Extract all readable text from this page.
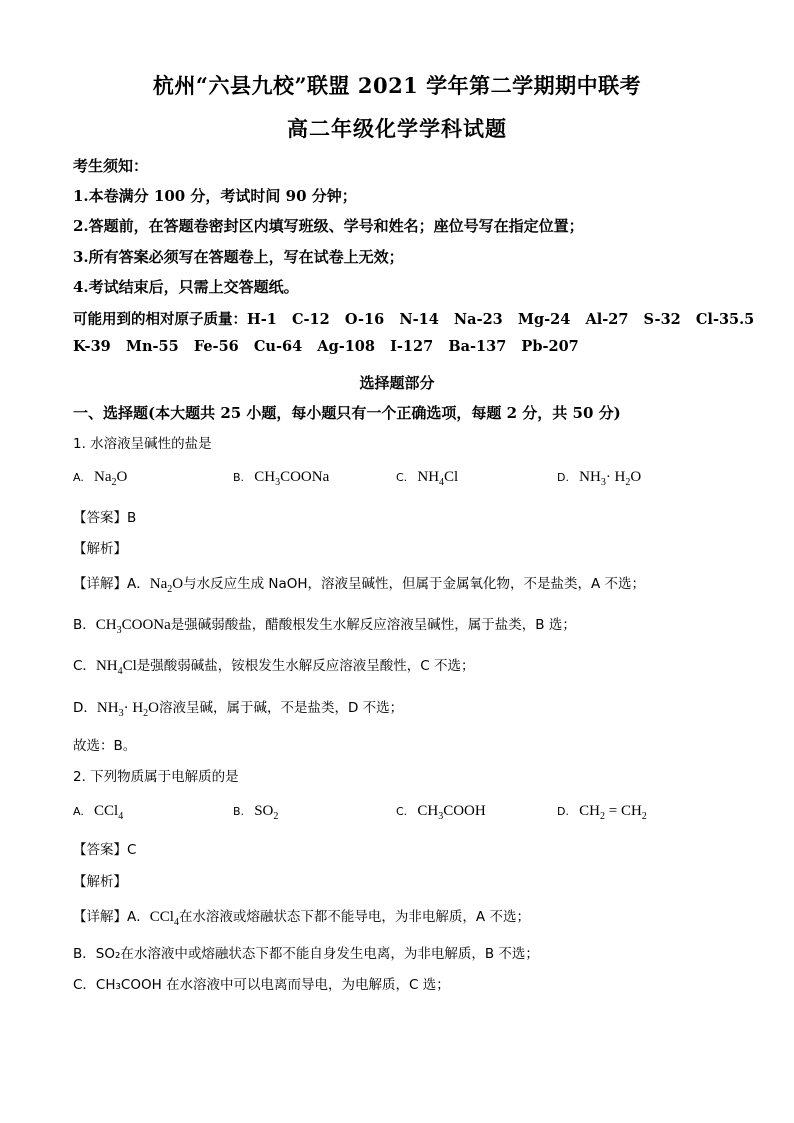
杭州“六县九校”联盟 2021 学年第二学期期中联考
高二年级化学学科试题
考生须知：
1.本卷满分 100 分，考试时间 90 分钟；
2.答题前，在答题卷密封区内填写班级、学号和姓名；座位号写在指定位置；
3.所有答案必须写在答题卷上，写在试卷上无效；
4.考试结束后，只需上交答题纸。
可能用到的相对原子质量：H-1   C-12   O-16   N-14   Na-23   Mg-24   Al-27   S-32   Cl-35.5
K-39   Mn-55   Fe-56   Cu-64   Ag-108   I-127   Ba-137   Pb-207
选择题部分
一、选择题(本大题共 25 小题，每小题只有一个正确选项，每题 2 分，共 50 分)
1. 水溶液呈碱性的盐是
A. $Na_2O$	B. $CH_3COONa$	C. $NH_4Cl$	D. $NH_3\cdot H_2O$
【答案】B
【解析】
【详解】A．$Na_2O$与水反应生成 NaOH，溶液呈碱性，但属于金属氧化物，不是盐类，A 不选；
B．$CH_3COONa$是强碱弱酸盐，醋酸根发生水解反应溶液呈碱性，属于盐类，B 选；
C．$NH_4Cl$是强酸弱碱盐，铵根发生水解反应溶液呈酸性，C 不选；
D．$NH_3\cdot H_2O$溶液呈碱，属于碱，不是盐类，D 不选；
故选：B。
2. 下列物质属于电解质的是
A. CCl$_4$	B. $SO_2$	C. $CH_3COOH$	D. $CH_2 = CH_2$
【答案】C
【解析】
【详解】A．CCl$_4$在水溶液或熔融状态下都不能导电，为非电解质，A 不选；
B．SO₂在水溶液中或熔融状态下都不能自身发生电离，为非电解质，B 不选；
C．CH₃COOH 在水溶液中可以电离而导电，为电解质，C 选；
